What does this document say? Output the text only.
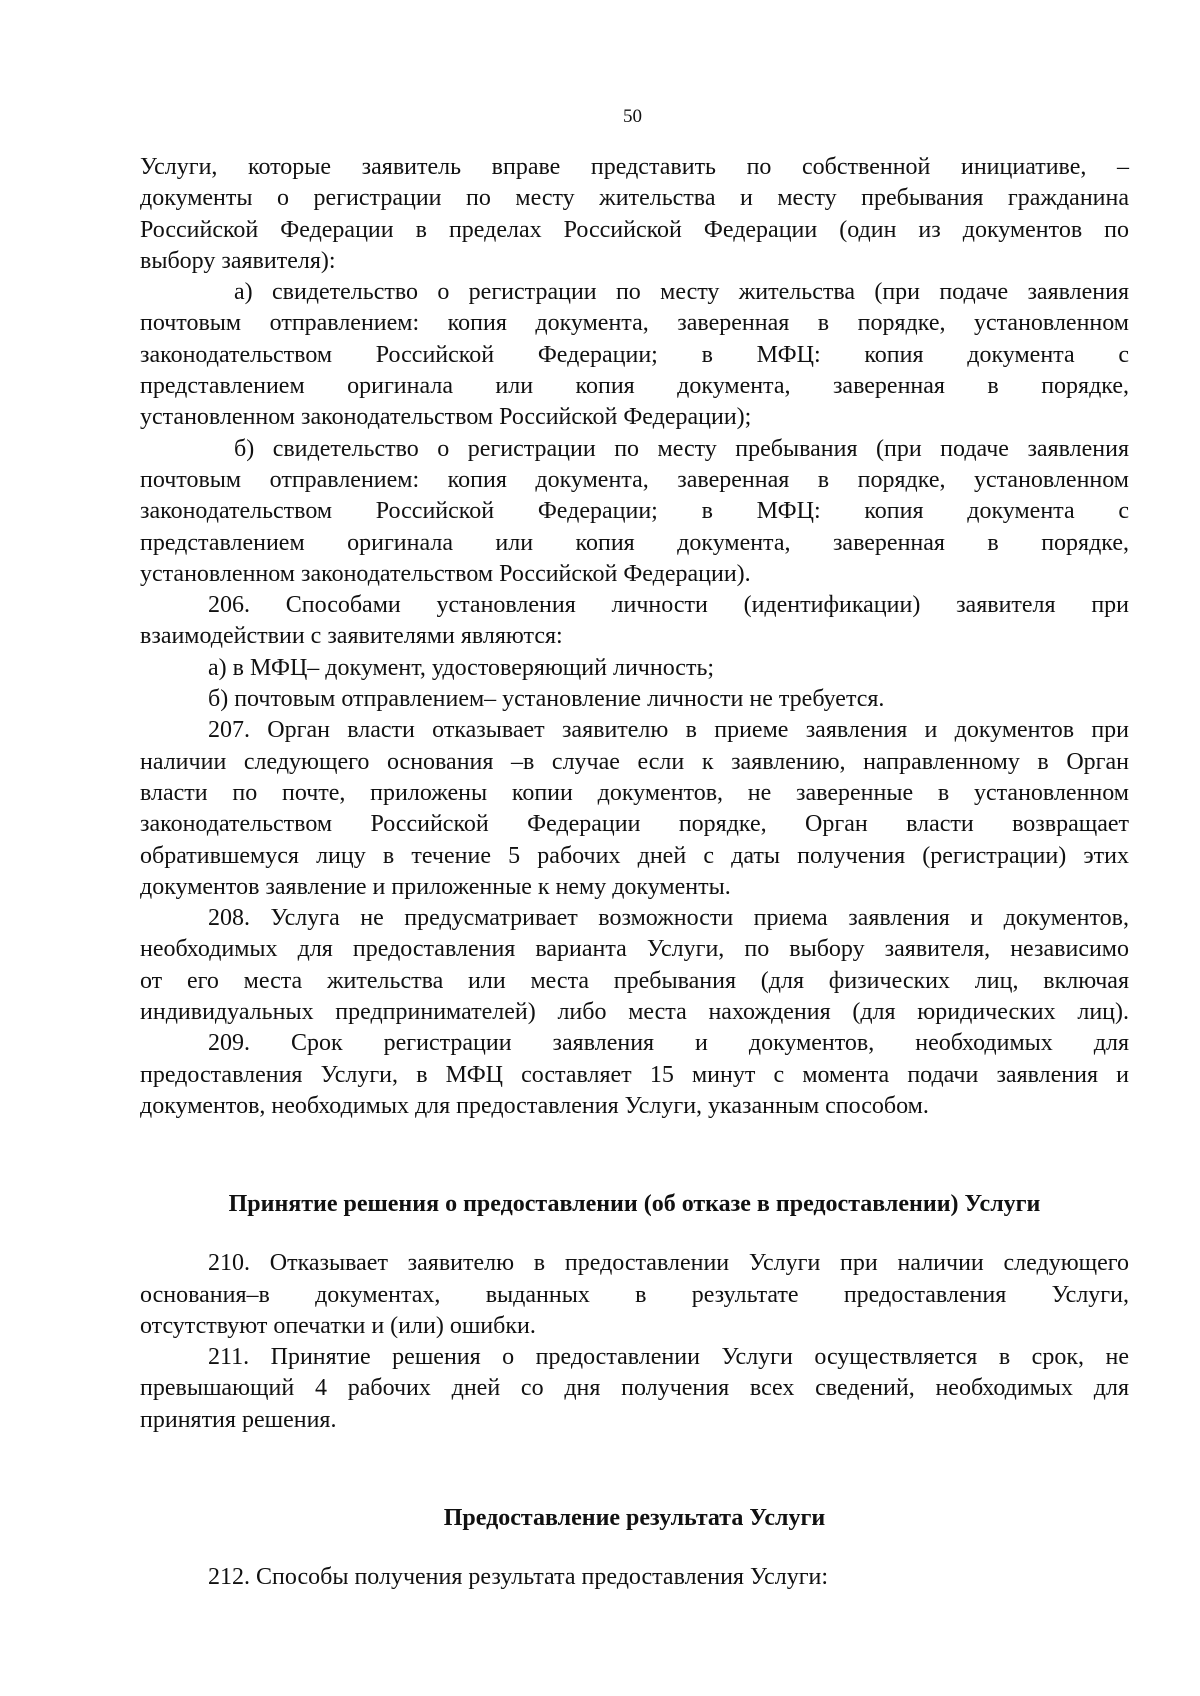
50
Услуги, которые заявитель вправе представить по собственной инициативе, –
документы о регистрации по месту жительства и месту пребывания гражданина
Российской Федерации в пределах Российской Федерации (один из документов по
выбору заявителя):
а) свидетельство о регистрации по месту жительства (при подаче заявления
почтовым отправлением: копия документа, заверенная в порядке, установленном
законодательством Российской Федерации; в МФЦ: копия документа с
представлением оригинала или копия документа, заверенная в порядке,
установленном законодательством Российской Федерации);
б) свидетельство о регистрации по месту пребывания (при подаче заявления
почтовым отправлением: копия документа, заверенная в порядке, установленном
законодательством Российской Федерации; в МФЦ: копия документа с
представлением оригинала или копия документа, заверенная в порядке,
установленном законодательством Российской Федерации).
206. Способами установления личности (идентификации) заявителя при
взаимодействии с заявителями являются:
а) в МФЦ– документ, удостоверяющий личность;
б) почтовым отправлением– установление личности не требуется.
207. Орган власти отказывает заявителю в приеме заявления и документов при
наличии следующего основания –в случае если к заявлению, направленному в Орган
власти по почте, приложены копии документов, не заверенные в установленном
законодательством Российской Федерации порядке, Орган власти возвращает
обратившемуся лицу в течение 5 рабочих дней с даты получения (регистрации) этих
документов заявление и приложенные к нему документы.
208. Услуга не предусматривает возможности приема заявления и документов,
необходимых для предоставления варианта Услуги, по выбору заявителя, независимо
от его места жительства или места пребывания (для физических лиц, включая
индивидуальных предпринимателей) либо места нахождения (для юридических лиц).
209. Срок регистрации заявления и документов, необходимых для
предоставления Услуги, в МФЦ составляет 15 минут с момента подачи заявления и
документов, необходимых для предоставления Услуги, указанным способом.
Принятие решения о предоставлении (об отказе в предоставлении) Услуги
210. Отказывает заявителю в предоставлении Услуги при наличии следующего
основания–в документах, выданных в результате предоставления Услуги,
отсутствуют опечатки и (или) ошибки.
211. Принятие решения о предоставлении Услуги осуществляется в срок, не
превышающий 4 рабочих дней со дня получения всех сведений, необходимых для
принятия решения.
Предоставление результата Услуги
212. Способы получения результата предоставления Услуги:
